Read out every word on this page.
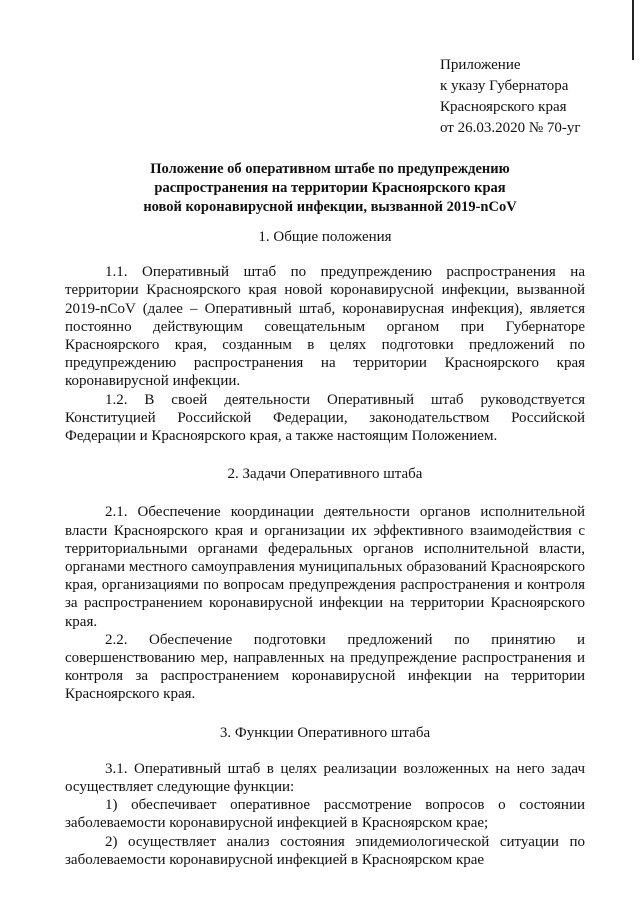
Приложение
к указу Губернатора
Красноярского края
от 26.03.2020 № 70-уг
Положение об оперативном штабе по предупреждению
распространения на территории Красноярского края
новой коронавирусной инфекции, вызванной 2019-nCoV
1. Общие положения
1.1. Оперативный штаб по предупреждению распространения на территории Красноярского края новой коронавирусной инфекции, вызванной 2019-nCoV (далее – Оперативный штаб, коронавирусная инфекция), является постоянно действующим совещательным органом при Губернаторе Красноярского края, созданным в целях подготовки предложений по предупреждению распространения на территории Красноярского края коронавирусной инфекции.
1.2. В своей деятельности Оперативный штаб руководствуется Конституцией Российской Федерации, законодательством Российской Федерации и Красноярского края, а также настоящим Положением.
2. Задачи Оперативного штаба
2.1. Обеспечение координации деятельности органов исполнительной власти Красноярского края и организации их эффективного взаимодействия с территориальными органами федеральных органов исполнительной власти, органами местного самоуправления муниципальных образований Красноярского края, организациями по вопросам предупреждения распространения и контроля за распространением коронавирусной инфекции на территории Красноярского края.
2.2. Обеспечение подготовки предложений по принятию и совершенствованию мер, направленных на предупреждение распространения и контроля за распространением коронавирусной инфекции на территории Красноярского края.
3. Функции Оперативного штаба
3.1. Оперативный штаб в целях реализации возложенных на него задач осуществляет следующие функции:
1) обеспечивает оперативное рассмотрение вопросов о состоянии заболеваемости коронавирусной инфекцией в Красноярском крае;
2) осуществляет анализ состояния эпидемиологической ситуации по заболеваемости коронавирусной инфекцией в Красноярском крае
